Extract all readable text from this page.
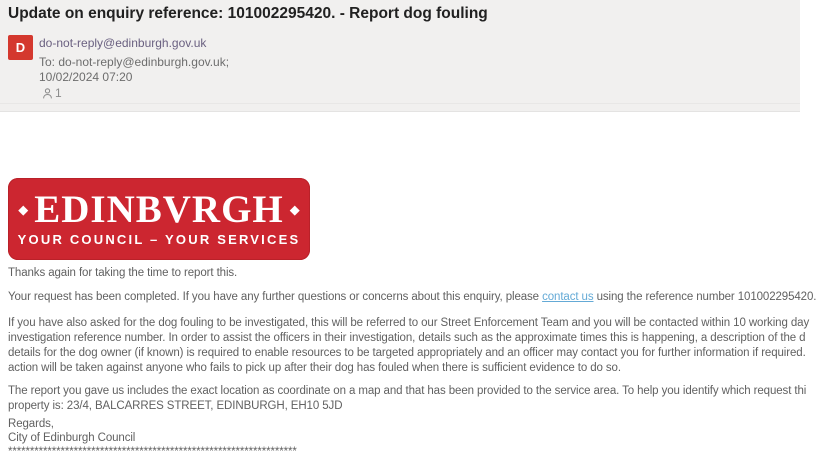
Update on enquiry reference: 101002295420. - Report dog fouling
D do-not-reply@edinburgh.gov.uk
To: do-not-reply@edinburgh.gov.uk;
10/02/2024 07:20
1
◆ EDINBVRGH ◆
YOUR COUNCIL – YOUR SERVICES
Thanks again for taking the time to report this.
Your request has been completed. If you have any further questions or concerns about this enquiry, please contact us using the reference number 101002295420.
If you have also asked for the dog fouling to be investigated, this will be referred to our Street Enforcement Team and you will be contacted within 10 working day
investigation reference number. In order to assist the officers in their investigation, details such as the approximate times this is happening, a description of the d
details for the dog owner (if known) is required to enable resources to be targeted appropriately and an officer may contact you for further information if required.
action will be taken against anyone who fails to pick up after their dog has fouled when there is sufficient evidence to do so.
The report you gave us includes the exact location as coordinate on a map and that has been provided to the service area. To help you identify which request thi
property is: 23/4, BALCARRES STREET, EDINBURGH, EH10 5JD
Regards,
City of Edinburgh Council
******************************************************************
